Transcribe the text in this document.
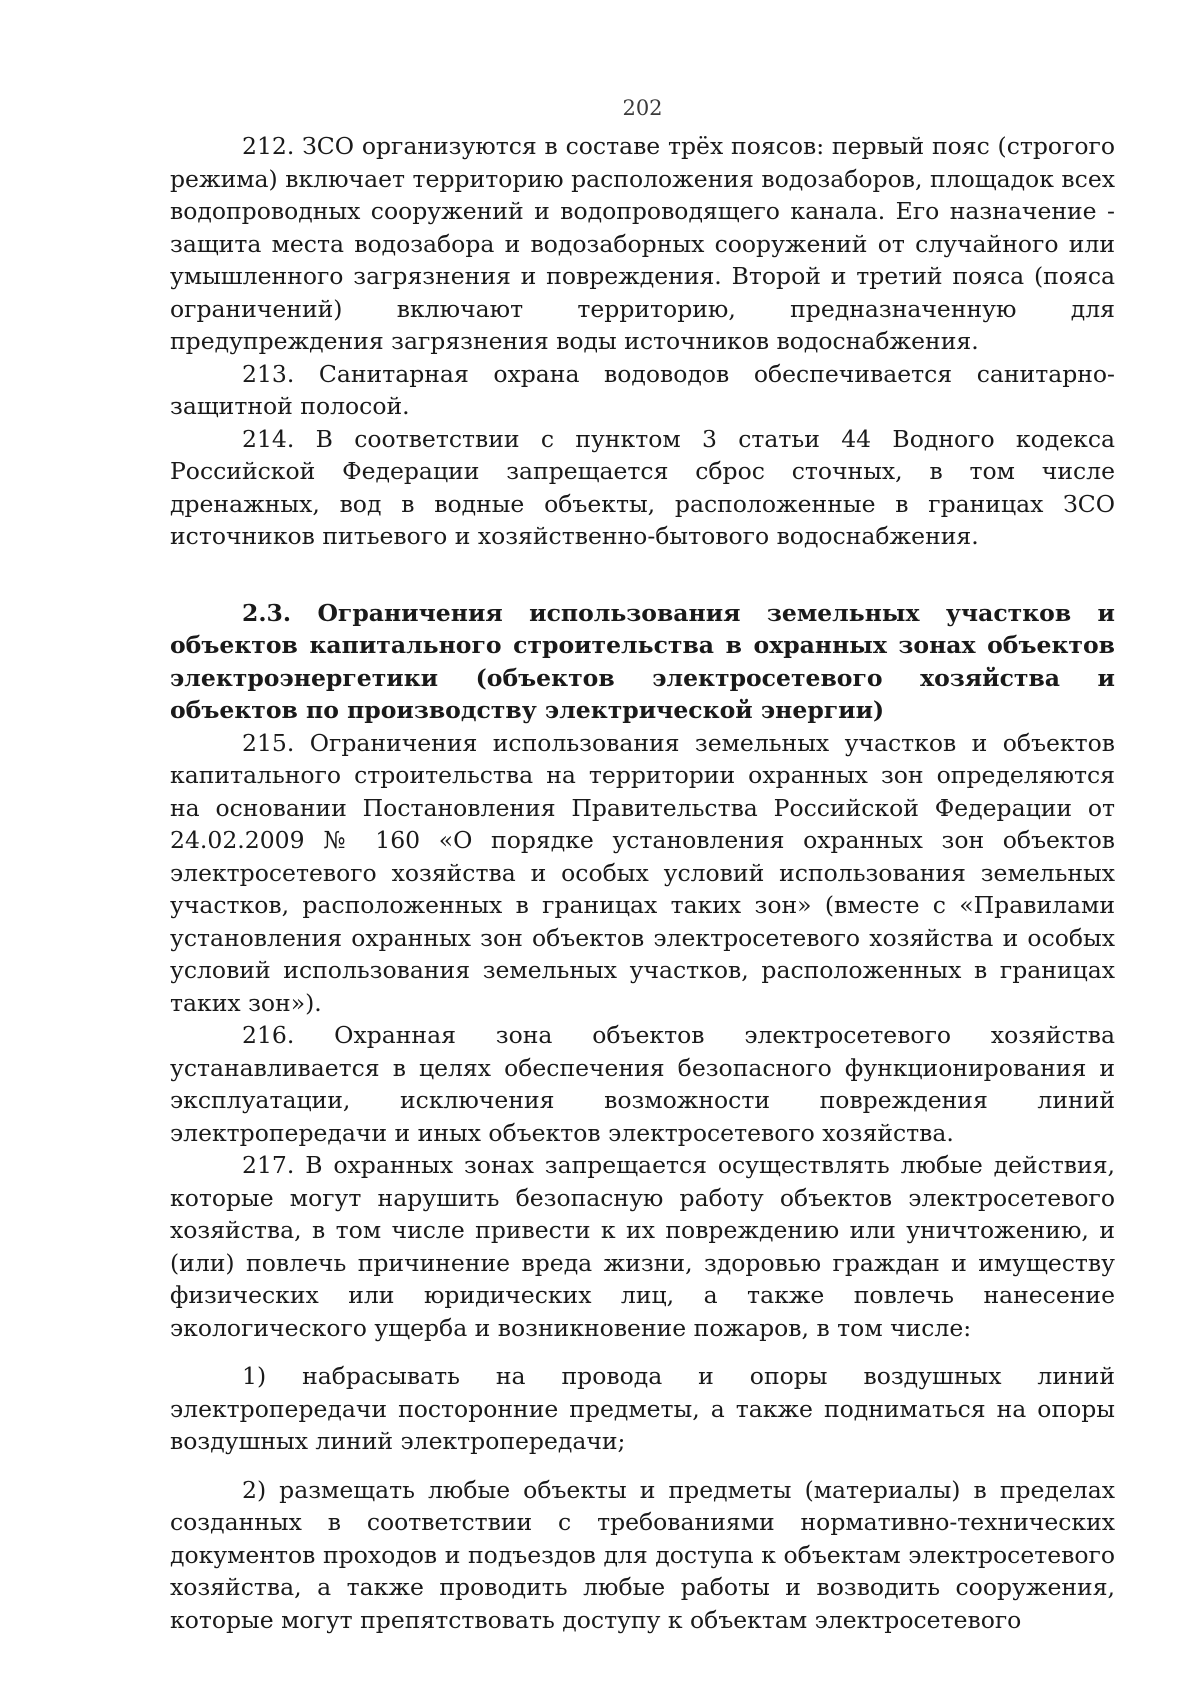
202

212. ЗСО организуются в составе трёх поясов: первый пояс (строгого режима) включает территорию расположения водозаборов, площадок всех водопроводных сооружений и водопроводящего канала. Его назначение - защита места водозабора и водозаборных сооружений от случайного или умышленного загрязнения и повреждения. Второй и третий пояса (пояса ограничений) включают территорию, предназначенную для предупреждения загрязнения воды источников водоснабжения.

213. Санитарная охрана водоводов обеспечивается санитарно-защитной полосой.

214. В соответствии с пунктом 3 статьи 44 Водного кодекса Российской Федерации запрещается сброс сточных, в том числе дренажных, вод в водные объекты, расположенные в границах ЗСО источников питьевого и хозяйственно-бытового водоснабжения.

2.3. Ограничения использования земельных участков и объектов капитального строительства в охранных зонах объектов электроэнергетики (объектов электросетевого хозяйства и объектов по производству электрической энергии)

215. Ограничения использования земельных участков и объектов капитального строительства на территории охранных зон определяются на основании Постановления Правительства Российской Федерации от 24.02.2009 № 160 «О порядке установления охранных зон объектов электросетевого хозяйства и особых условий использования земельных участков, расположенных в границах таких зон» (вместе с «Правилами установления охранных зон объектов электросетевого хозяйства и особых условий использования земельных участков, расположенных в границах таких зон»).

216. Охранная зона объектов электросетевого хозяйства устанавливается в целях обеспечения безопасного функционирования и эксплуатации, исключения возможности повреждения линий электропередачи и иных объектов электросетевого хозяйства.

217. В охранных зонах запрещается осуществлять любые действия, которые могут нарушить безопасную работу объектов электросетевого хозяйства, в том числе привести к их повреждению или уничтожению, и (или) повлечь причинение вреда жизни, здоровью граждан и имуществу физических или юридических лиц, а также повлечь нанесение экологического ущерба и возникновение пожаров, в том числе:

1) набрасывать на провода и опоры воздушных линий электропередачи посторонние предметы, а также подниматься на опоры воздушных линий электропередачи;

2) размещать любые объекты и предметы (материалы) в пределах созданных в соответствии с требованиями нормативно-технических документов проходов и подъездов для доступа к объектам электросетевого хозяйства, а также проводить любые работы и возводить сооружения, которые могут препятствовать доступу к объектам электросетевого
